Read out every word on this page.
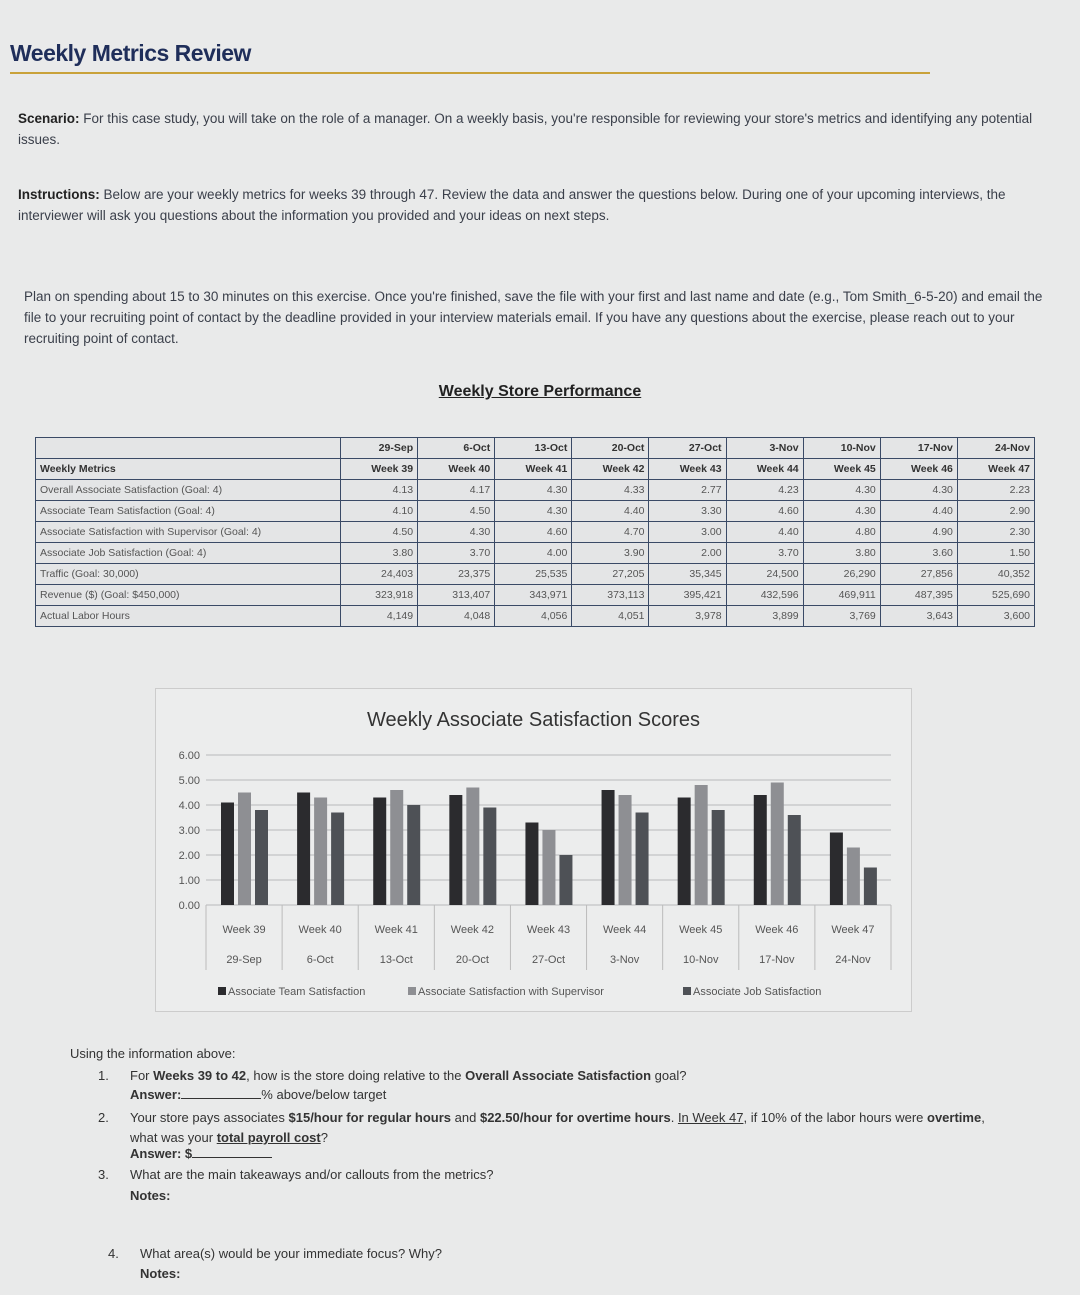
Weekly Metrics Review
Scenario: For this case study, you will take on the role of a manager. On a weekly basis, you're responsible for reviewing your store's metrics and identifying any potential issues.
Instructions: Below are your weekly metrics for weeks 39 through 47. Review the data and answer the questions below. During one of your upcoming interviews, the interviewer will ask you questions about the information you provided and your ideas on next steps.
Plan on spending about 15 to 30 minutes on this exercise. Once you're finished, save the file with your first and last name and date (e.g., Tom Smith_6-5-20) and email the file to your recruiting point of contact by the deadline provided in your interview materials email. If you have any questions about the exercise, please reach out to your recruiting point of contact.
Weekly Store Performance
	29-Sep	6-Oct	13-Oct	20-Oct	27-Oct	3-Nov	10-Nov	17-Nov	24-Nov
Weekly Metrics	Week 39	Week 40	Week 41	Week 42	Week 43	Week 44	Week 45	Week 46	Week 47
Overall Associate Satisfaction (Goal: 4)	4.13	4.17	4.30	4.33	2.77	4.23	4.30	4.30	2.23
Associate Team Satisfaction (Goal: 4)	4.10	4.50	4.30	4.40	3.30	4.60	4.30	4.40	2.90
Associate Satisfaction with Supervisor (Goal: 4)	4.50	4.30	4.60	4.70	3.00	4.40	4.80	4.90	2.30
Associate Job Satisfaction (Goal: 4)	3.80	3.70	4.00	3.90	2.00	3.70	3.80	3.60	1.50
Traffic (Goal: 30,000)	24,403	23,375	25,535	27,205	35,345	24,500	26,290	27,856	40,352
Revenue ($) (Goal: $450,000)	323,918	313,407	343,971	373,113	395,421	432,596	469,911	487,395	525,690
Actual Labor Hours	4,149	4,048	4,056	4,051	3,978	3,899	3,769	3,643	3,600
Weekly Associate Satisfaction Scores
0.00
1.00
2.00
3.00
4.00
5.00
6.00
Week 39
29-Sep
Week 40
6-Oct
Week 41
13-Oct
Week 42
20-Oct
Week 43
27-Oct
Week 44
3-Nov
Week 45
10-Nov
Week 46
17-Nov
Week 47
24-Nov
Associate Team Satisfaction	Associate Satisfaction with Supervisor	Associate Job Satisfaction
Using the information above:
1. For Weeks 39 to 42, how is the store doing relative to the Overall Associate Satisfaction goal?
Answer:	% above/below target
2. Your store pays associates $15/hour for regular hours and $22.50/hour for overtime hours. In Week 47, if 10% of the labor hours were overtime, what was your total payroll cost?
Answer: $
3. What are the main takeaways and/or callouts from the metrics?
Notes:
4. What area(s) would be your immediate focus? Why?
Notes:
